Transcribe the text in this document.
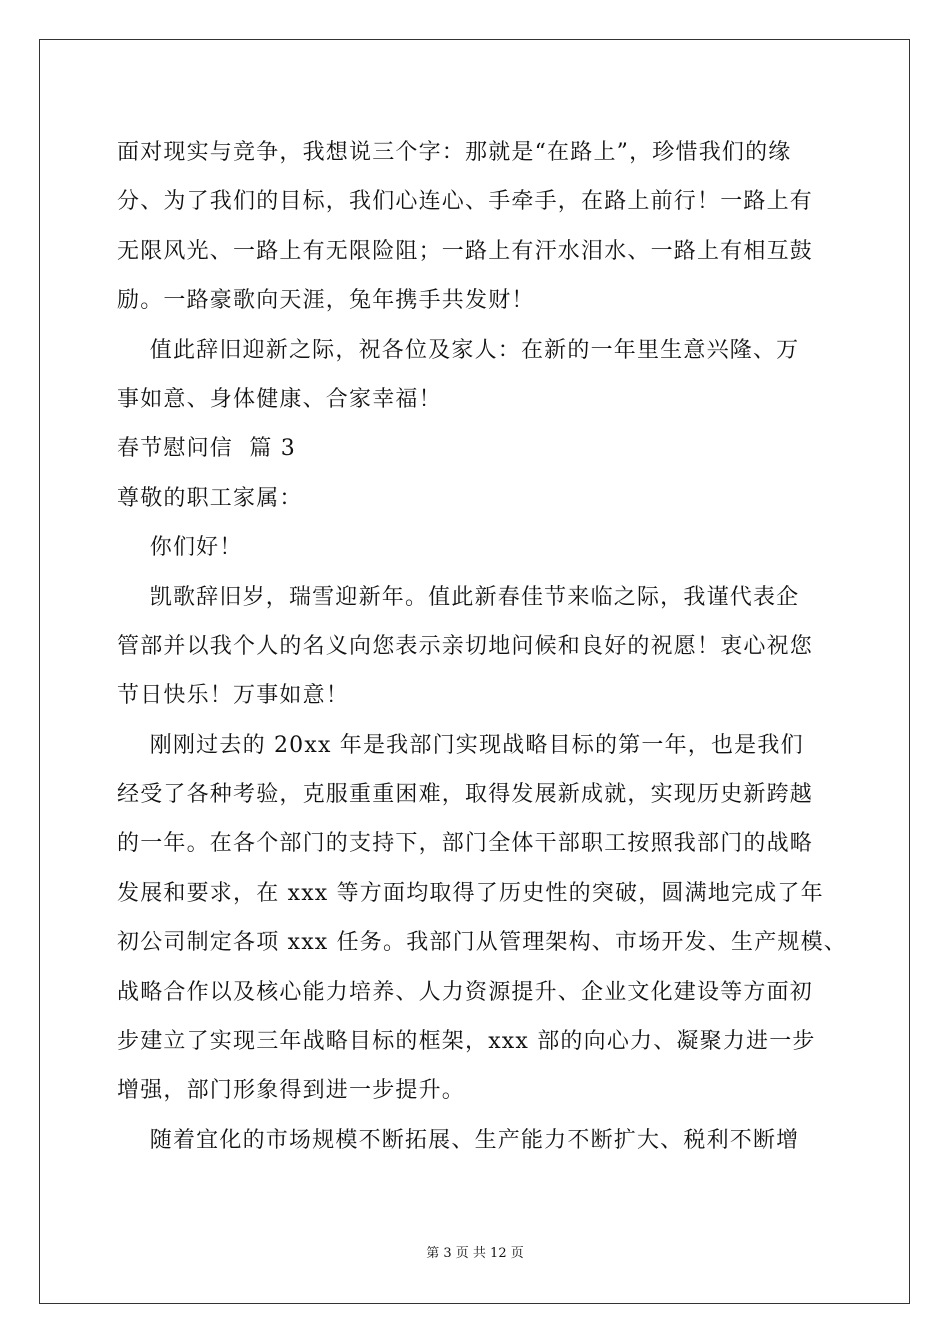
面对现实与竞争，我想说三个字：那就是“在路上”，珍惜我们的缘
分、为了我们的目标，我们心连心、手牵手，在路上前行！一路上有
无限风光、一路上有无限险阻；一路上有汗水泪水、一路上有相互鼓
励。一路豪歌向天涯，兔年携手共发财！
值此辞旧迎新之际，祝各位及家人：在新的一年里生意兴隆、万
事如意、身体健康、合家幸福！
春节慰问信  篇 3
尊敬的职工家属：
你们好！
凯歌辞旧岁，瑞雪迎新年。值此新春佳节来临之际，我谨代表企
管部并以我个人的名义向您表示亲切地问候和良好的祝愿！衷心祝您
节日快乐！万事如意！
刚刚过去的 20xx 年是我部门实现战略目标的第一年，也是我们
经受了各种考验，克服重重困难，取得发展新成就，实现历史新跨越
的一年。在各个部门的支持下，部门全体干部职工按照我部门的战略
发展和要求，在 xxx 等方面均取得了历史性的突破，圆满地完成了年
初公司制定各项 xxx 任务。我部门从管理架构、市场开发、生产规模、
战略合作以及核心能力培养、人力资源提升、企业文化建设等方面初
步建立了实现三年战略目标的框架，xxx 部的向心力、凝聚力进一步
增强，部门形象得到进一步提升。
随着宜化的市场规模不断拓展、生产能力不断扩大、税利不断增
第 3 页 共 12 页
